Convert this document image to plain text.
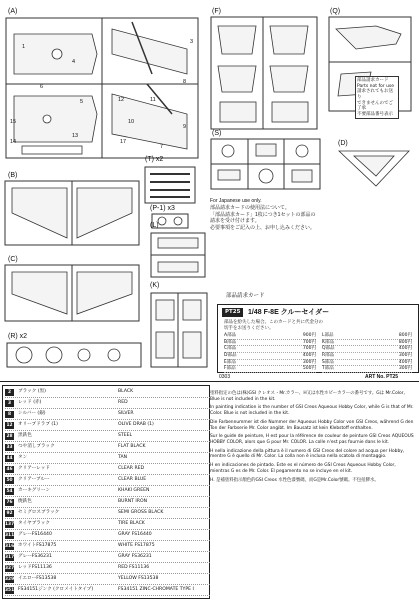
(A)
1
4
6
5
15
14
12
10
11
13
17
8
9
7
3
(F)	(Q)
部品請求カード
Parts not for use
請求されてもお送り
できませんのでご了承
不要部品番号表示
(S)
(D)
(B)
(T) x2
(P-1) x3
For Japanese use only.
部品請求カードの使用法について。
「部品請求カード」1枚につき1セットの部品の
請求を受け付けます。
必要事項をご記入の上、お申し込みください。
(C)
(L)
(R) x2
(K)
部品請求カード
PT25	1/48 F-8E クルーセイダー
部品を紛失した場合、このカードと共に代金分の
切手をお送りください。
A部品	900円
B部品	700円
C部品	700円
D部品	400円
E部品	300円
F部品	500円
L部品	800円
K部品	800円
Q部品	400円
R部品	300円
S部品	400円
T部品	300円
0303	ART No. PT25
2	ブラック (黒)	BLACK
3	レッド (赤)	RED
8	シルバー (銀)	SILVER
12	オリーブドラブ (1)	OLIVE DRAB (1)
28	黒鉄色	STEEL
33	つや消しブラック	FLAT BLACK
44	タン	TAN
46	クリアーレッド	CLEAR RED
50	クリアーブルー	CLEAR BLUE
54	カーキグリーン	KHAKI GREEN
76	焼鉄色	BURNT IRON
92	セミグロスブラック	SEMI GROSS BLACK
137 タイヤブラック	TIRE BLACK
311 グレーFS16440	GRAY FS16440
316 ホワイトFS17875	WHITE FS17875
317 グレーFS36231	GRAY FS36231
327 レッドFS11136	RED FS11136
329 イエローFS13538	YELLOW FS13538
351 FS34151ジンク (クロメイトタイプ)	FS34151 ZINC-CHROMATE TYPE I

塗料指定の色は(株)GSI クレオス・Mr.カラー、H又は水性ホビーカラーの番号です。Gは Mr.Color, Blue is not included in the kit.

In painting indication is the number of GSI Creos Aqueous Hobby Color, while G is that of Mr. Color. Blue is not included in the kit.

Die Farbennummer ist die Nummer der Aqueous Hobby Color von GSI Creos, während G den Ton der Farbserie Mr. Color angibt. Im Bausatz ist kein Klebstoff enthalten.

Sur le guide de peinture, H est pour la référence de couleur de peinture GSI Creos AQUEOUS HOBBY COLOR, alors que G pour Mr. COLOR. La colle n'est pas fournie dans le kit.

H nella indicazione della pittura è il numero di GSI Creos del colore ad acqua per Hobby, mentre G è quello di Mr. Color. La colla non è inclusa nella scatola di montaggio.

H en indicaciones de pintado. Este es el número de GSI Creos Aqueous Hobby Color, mientras G es de Mr. Color. El pegamento no se incluye en el kit.

H. 是補塗料指示顏色的GSI Creos 水性色漆號碼，而G是Mr.Color號碼。不包括膠水。
